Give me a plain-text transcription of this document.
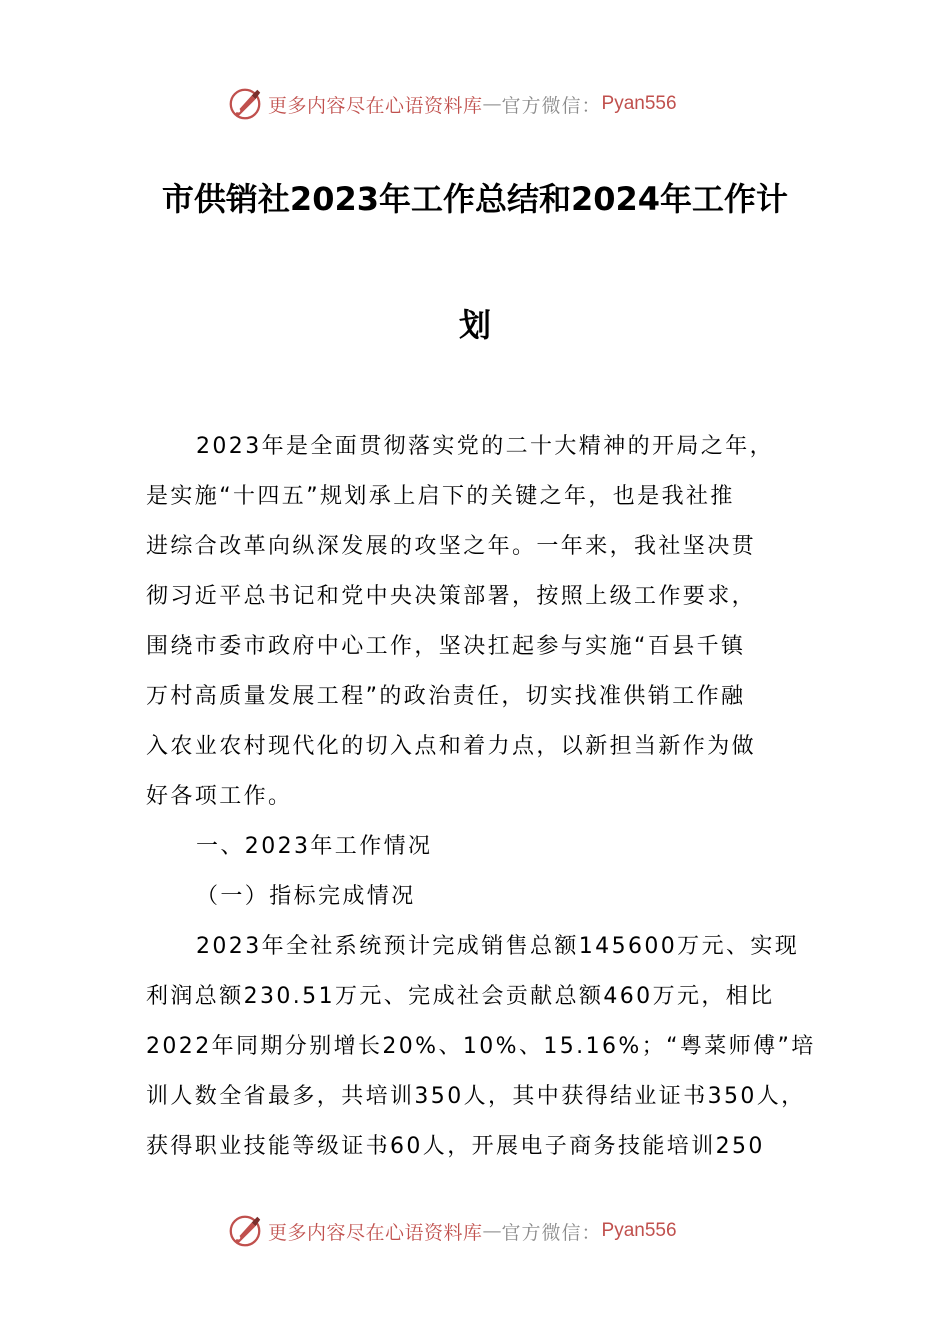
更多内容尽在心语资料库 — 官方微信： Pyan556
市供销社2023年工作总结和2024年工作计
划
2023年是全面贯彻落实党的二十大精神的开局之年，
是实施“十四五”规划承上启下的关键之年，也是我社推
进综合改革向纵深发展的攻坚之年。一年来，我社坚决贯
彻习近平总书记和党中央决策部署，按照上级工作要求，
围绕市委市政府中心工作，坚决扛起参与实施“百县千镇
万村高质量发展工程”的政治责任，切实找准供销工作融
入农业农村现代化的切入点和着力点，以新担当新作为做
好各项工作。
一、2023年工作情况
（一）指标完成情况
2023年全社系统预计完成销售总额145600万元、实现
利润总额230.51万元、完成社会贡献总额460万元，相比
2022年同期分别增长20%、10%、15.16%；“粤菜师傅”培
训人数全省最多，共培训350人，其中获得结业证书350人，
获得职业技能等级证书60人，开展电子商务技能培训250
更多内容尽在心语资料库 — 官方微信： Pyan556
